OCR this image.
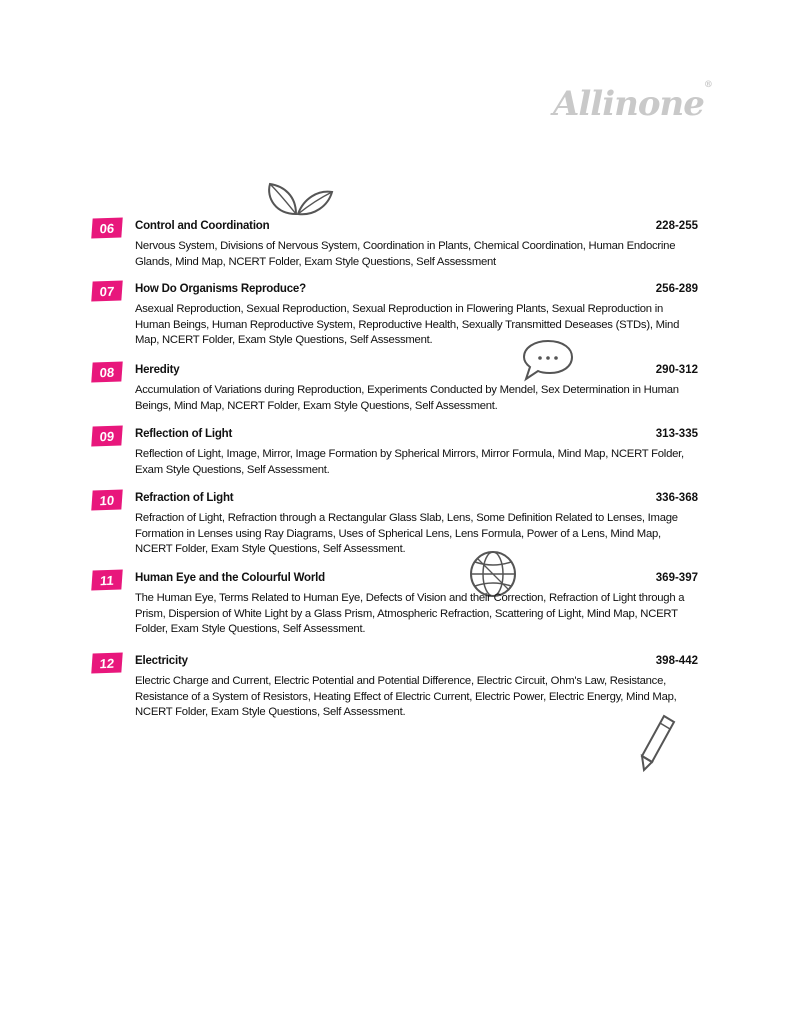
Allinone®
06	Control and Coordination	228-255
Nervous System, Divisions of Nervous System, Coordination in Plants, Chemical Coordination, Human Endocrine Glands, Mind Map, NCERT Folder, Exam Style Questions, Self Assessment
07	How Do Organisms Reproduce?	256-289
Asexual Reproduction, Sexual Reproduction, Sexual Reproduction in Flowering Plants, Sexual Reproduction in Human Beings, Human Reproductive System, Reproductive Health, Sexually Transmitted Deseases (STDs), Mind Map, NCERT Folder, Exam Style Questions, Self Assessment.
08	Heredity	290-312
Accumulation of Variations during Reproduction, Experiments Conducted by Mendel, Sex Determination in Human Beings, Mind Map, NCERT Folder, Exam Style Questions, Self Assessment.
09	Reflection of Light	313-335
Reflection of Light, Image, Mirror, Image Formation by Spherical Mirrors, Mirror Formula, Mind Map, NCERT Folder, Exam Style Questions, Self Assessment.
10	Refraction of Light	336-368
Refraction of Light, Refraction through a Rectangular Glass Slab, Lens, Some Definition Related to Lenses, Image Formation in Lenses using Ray Diagrams, Uses of Spherical Lens, Lens Formula, Power of a Lens, Mind Map, NCERT Folder, Exam Style Questions, Self Assessment.
11	Human Eye and the Colourful World	369-397
The Human Eye, Terms Related to Human Eye, Defects of Vision and their Correction, Refraction of Light through a Prism, Dispersion of White Light by a Glass Prism, Atmospheric Refraction, Scattering of Light, Mind Map, NCERT Folder, Exam Style Questions, Self Assessment.
12	Electricity	398-442
Electric Charge and Current, Electric Potential and Potential Difference, Electric Circuit, Ohm's Law, Resistance, Resistance of a System of Resistors, Heating Effect of Electric Current, Electric Power, Electric Energy, Mind Map, NCERT Folder, Exam Style Questions, Self Assessment.
